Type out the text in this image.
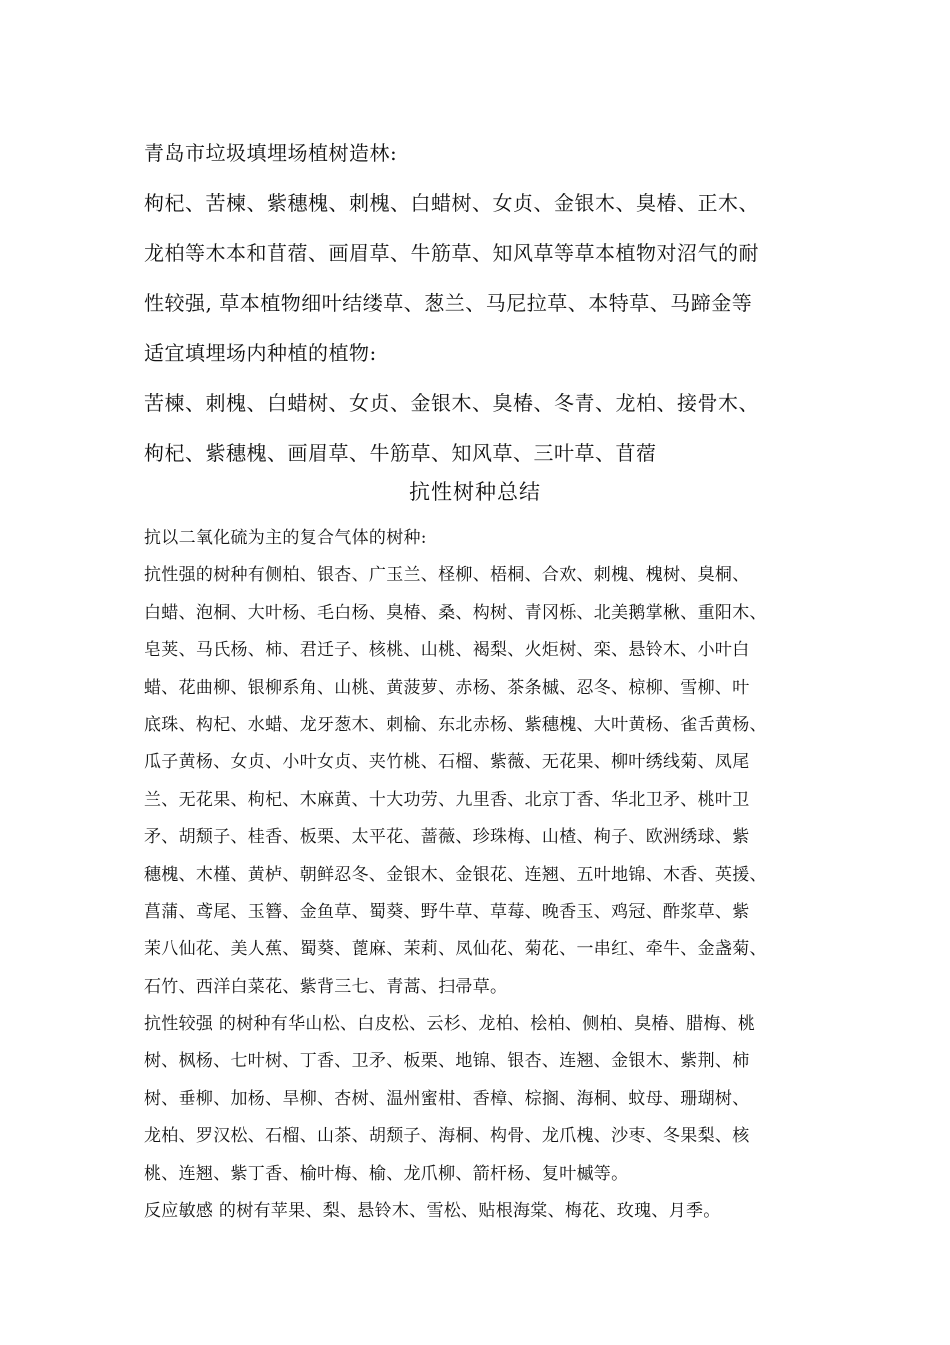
青岛市垃圾填埋场植树造林:
枸杞、苦楝、紫穗槐、刺槐、白蜡树、女贞、金银木、臭椿、正木、
龙柏等木本和苜蓿、画眉草、牛筋草、知风草等草本植物对沼气的耐
性较强, 草本植物细叶结缕草、葱兰、马尼拉草、本特草、马蹄金等
适宜填埋场内种植的植物:
苦楝、刺槐、白蜡树、女贞、金银木、臭椿、冬青、龙柏、接骨木、
枸杞、紫穗槐、画眉草、牛筋草、知风草、三叶草、苜蓿
抗性树种总结
抗以二氧化硫为主的复合气体的树种:
抗性强的树种有侧柏、银杏、广玉兰、柽柳、梧桐、合欢、刺槐、槐树、臭桐、
白蜡、泡桐、大叶杨、毛白杨、臭椿、桑、构树、青冈栎、北美鹅掌楸、重阳木、
皂荚、马氏杨、柿、君迁子、核桃、山桃、褐梨、火炬树、栾、悬铃木、小叶白
蜡、花曲柳、银柳系角、山桃、黄菠萝、赤杨、茶条槭、忍冬、椋柳、雪柳、叶
底珠、构杞、水蜡、龙牙葱木、刺榆、东北赤杨、紫穗槐、大叶黄杨、雀舌黄杨、
瓜子黄杨、女贞、小叶女贞、夹竹桃、石榴、紫薇、无花果、柳叶绣线菊、凤尾
兰、无花果、枸杞、木麻黄、十大功劳、九里香、北京丁香、华北卫矛、桃叶卫
矛、胡颓子、桂香、板栗、太平花、蔷薇、珍珠梅、山楂、栒子、欧洲绣球、紫
穗槐、木槿、黄栌、朝鲜忍冬、金银木、金银花、连翘、五叶地锦、木香、英援、
菖蒲、鸢尾、玉簪、金鱼草、蜀葵、野牛草、草莓、晚香玉、鸡冠、酢浆草、紫
茉八仙花、美人蕉、蜀葵、蓖麻、茉莉、凤仙花、菊花、一串红、牵牛、金盏菊、
石竹、西洋白菜花、紫背三七、青蒿、扫帚草。
抗性较强 的树种有华山松、白皮松、云杉、龙柏、桧柏、侧柏、臭椿、腊梅、桃
树、枫杨、七叶树、丁香、卫矛、板栗、地锦、银杏、连翘、金银木、紫荆、柿
树、垂柳、加杨、旱柳、杏树、温州蜜柑、香樟、棕搁、海桐、蚊母、珊瑚树、
龙柏、罗汉松、石榴、山茶、胡颓子、海桐、构骨、龙爪槐、沙枣、冬果梨、核
桃、连翘、紫丁香、榆叶梅、榆、龙爪柳、箭杆杨、复叶槭等。
反应敏感 的树有苹果、梨、悬铃木、雪松、贴根海棠、梅花、玫瑰、月季。
